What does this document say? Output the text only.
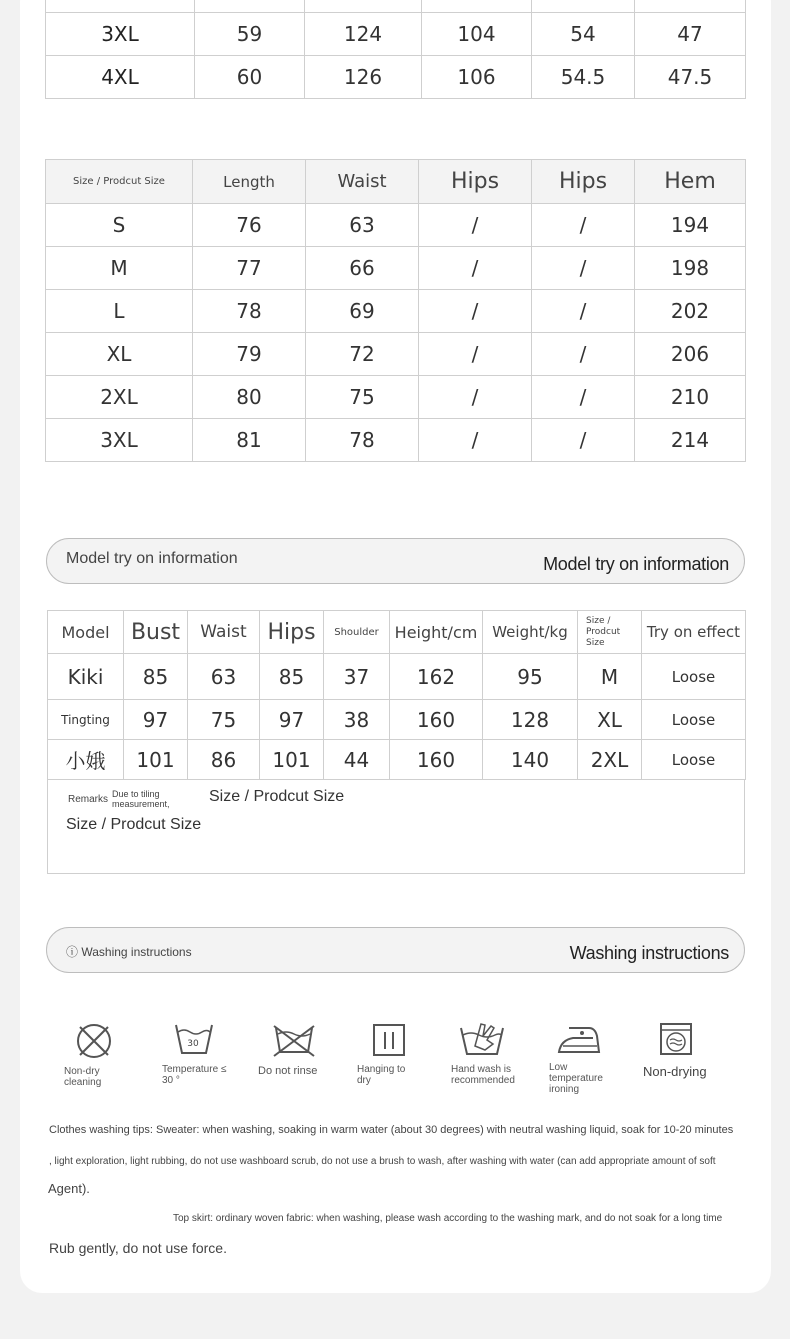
3XL	59	124	104	54	47
4XL	60	126	106	54.5	47.5
Size / Prodcut Size	Length	Waist	Hips	Hips	Hem
S	76	63	/	/	194
M	77	66	/	/	198
L	78	69	/	/	202
XL	79	72	/	/	206
2XL	80	75	/	/	210
3XL	81	78	/	/	214
Model try on information	Model try on information
Model	Bust	Waist	Hips	Shoulder	Height/cm	Weight/kg	Size / Prodcut Size	Try on effect
Kiki	85	63	85	37	162	95	M	Loose
Tingting	97	75	97	38	160	128	XL	Loose
小娥	101	86	101	44	160	140	2XL	Loose
Remarks Due to tiling measurement,	Size / Prodcut Size
Size / Prodcut Size
ⓘ Washing instructions	Washing instructions
Non-dry cleaning
30
Temperature ≤ 30 °
Do not rinse	Hanging to dry
Hand wash is recommended
Low temperature ironing
Non-drying
Clothes washing tips: Sweater: when washing, soaking in warm water (about 30 degrees) with neutral washing liquid, soak for 10-20 minutes
, light exploration, light rubbing, do not use washboard scrub, do not use a brush to wash, after washing with water (can add appropriate amount of soft
Agent).
Top skirt: ordinary woven fabric: when washing, please wash according to the washing mark, and do not soak for a long time
Rub gently, do not use force.
